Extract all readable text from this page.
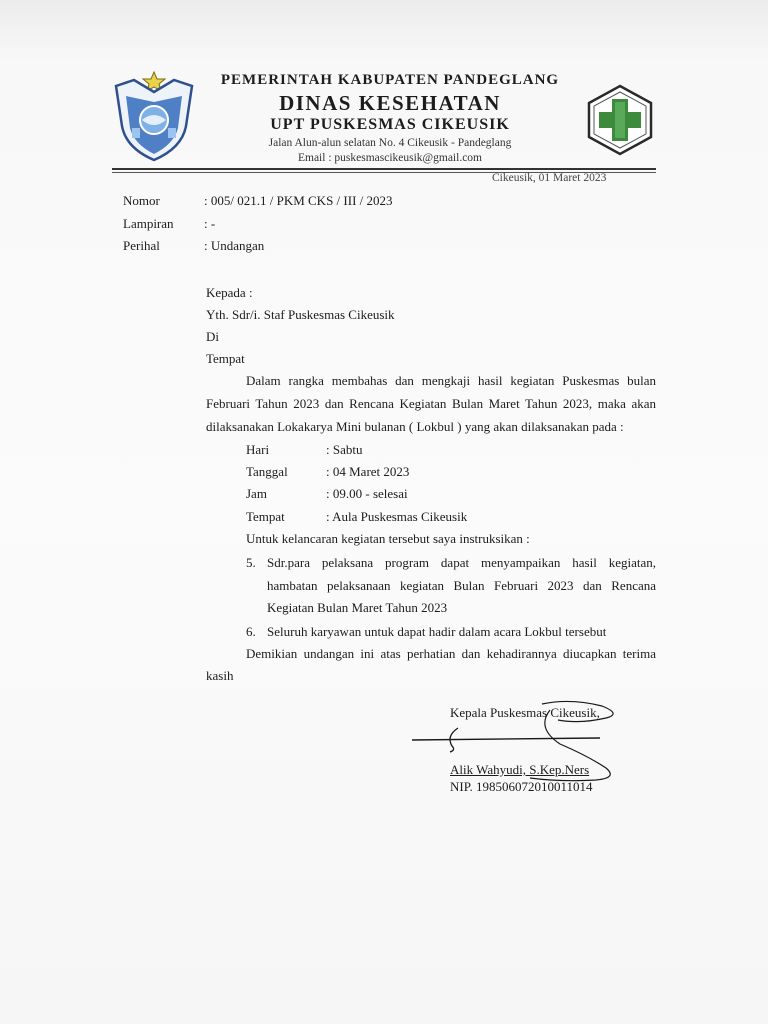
PEMERINTAH KABUPATEN PANDEGLANG
DINAS KESEHATAN
UPT PUSKESMAS CIKEUSIK
Jalan Alun-alun selatan No. 4 Cikeusik - Pandeglang
Email : puskesmascikeusik@gmail.com
Cikeusik, 01 Maret 2023
Nomor	: 005/ 021.1 / PKM CKS / III / 2023
Lampiran : -
Perihal	: Undangan
Kepada :
Yth. Sdr/i. Staf Puskesmas Cikeusik
Di
Tempat
Dalam rangka membahas dan mengkaji hasil kegiatan Puskesmas bulan
Februari Tahun 2023 dan Rencana Kegiatan Bulan Maret Tahun 2023, maka akan
dilaksanakan Lokakarya Mini bulanan ( Lokbul ) yang akan dilaksanakan pada :
Hari	: Sabtu
Tanggal	: 04 Maret 2023
Jam	: 09.00 - selesai
Tempat	: Aula Puskesmas Cikeusik
Untuk kelancaran kegiatan tersebut saya instruksikan :
5. Sdr.para pelaksana program dapat menyampaikan hasil kegiatan,
hambatan pelaksanaan kegiatan Bulan Februari 2023 dan Rencana
Kegiatan Bulan Maret Tahun 2023
6. Seluruh karyawan untuk dapat hadir dalam acara Lokbul tersebut
Demikian undangan ini atas perhatian dan kehadirannya diucapkan terima
kasih
Kepala Puskesmas Cikeusik,
Alik Wahyudi, S.Kep.Ners
NIP. 198506072010011014
